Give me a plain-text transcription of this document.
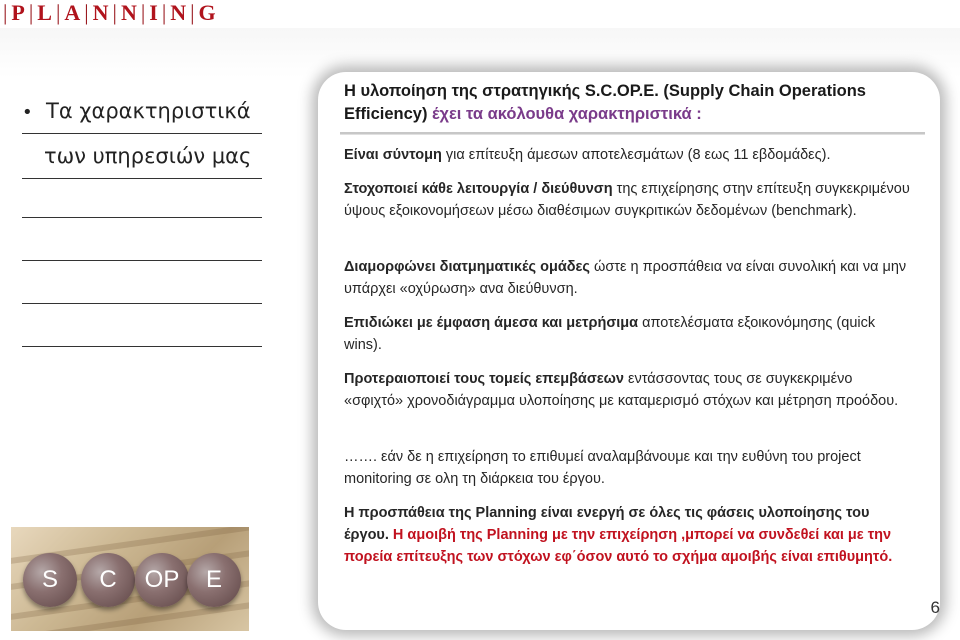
| P | L | A | N | N | I | N | G
• Τα χαρακτηριστικά
των υπηρεσιών μας
Η υλοποίηση της στρατηγικής S.C.OP.E. (Supply Chain Operations Efficiency) έχει τα ακόλουθα χαρακτηριστικά :
Είναι σύντομη για επίτευξη άμεσων αποτελεσμάτων (8 εως 11 εβδομάδες).
Στοχοποιεί κάθε λειτουργία / διεύθυνση της επιχείρησης στην επίτευξη συγκεκριμένου ύψους εξοικονομήσεων μέσω διαθέσιμων συγκριτικών δεδομένων (benchmark).
Διαμορφώνει διατμηματικές ομάδες ώστε η προσπάθεια να είναι συνολική και να μην υπάρχει «οχύρωση» ανα διεύθυνση.
Επιδιώκει με έμφαση άμεσα και μετρήσιμα αποτελέσματα εξοικονόμησης (quick wins).
Προτεραιοποιεί τους τομείς επεμβάσεων εντάσσοντας τους σε συγκεκριμένο «σφιχτό» χρονοδιάγραμμα υλοποίησης με καταμερισμό στόχων και μέτρηση προόδου.
……. εάν δε η επιχείρηση το επιθυμεί αναλαμβάνουμε και την ευθύνη του project monitoring σε ολη τη διάρκεια του έργου.
Η προσπάθεια της Planning είναι ενεργή σε όλες τις φάσεις υλοποίησης του έργου. Η αμοιβή της Planning με την επιχείρηση ,μπορεί να συνδεθεί και με την πορεία επίτευξης των στόχων εφ΄όσον αυτό το σχήμα αμοιβής είναι επιθυμητό.
S	C	OP	E
6
